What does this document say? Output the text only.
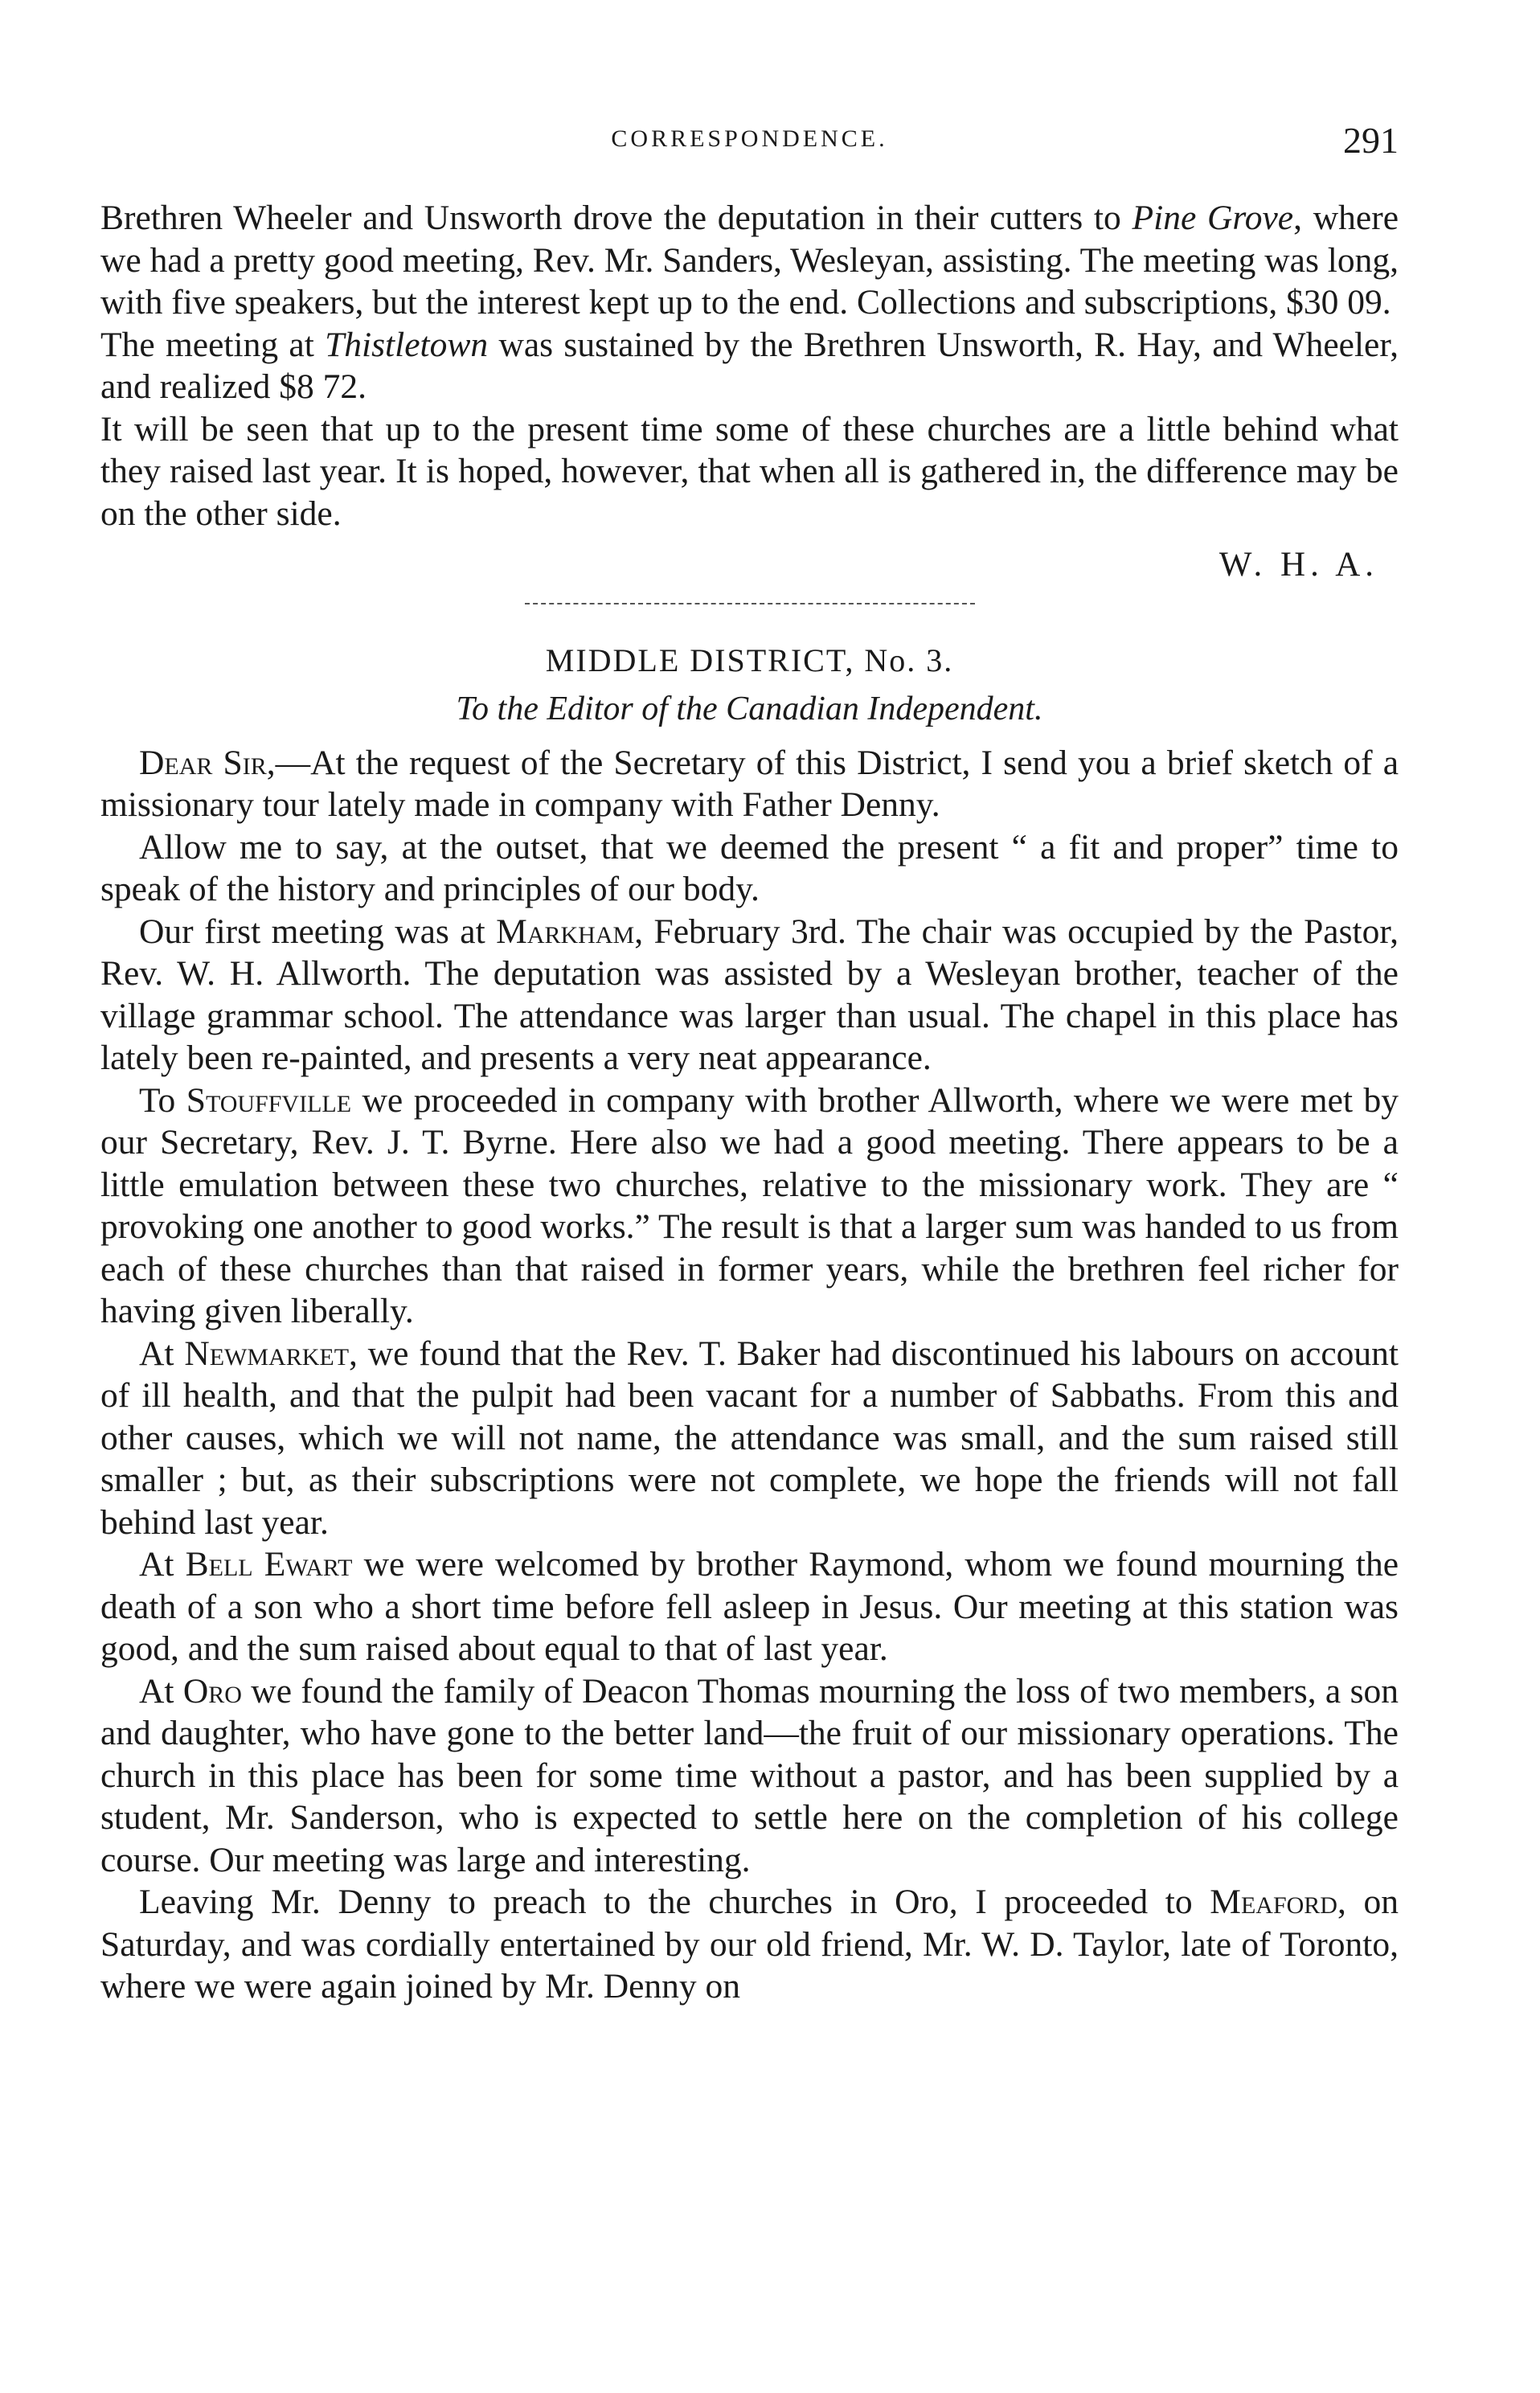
CORRESPONDENCE.	291

Brethren Wheeler and Unsworth drove the deputation in their cutters to Pine Grove, where we had a pretty good meeting, Rev. Mr. Sanders, Wesleyan, assisting. The meeting was long, with five speakers, but the interest kept up to the end. Collections and subscriptions, $30 09.

The meeting at Thistletown was sustained by the Brethren Unsworth, R. Hay, and Wheeler, and realized $8 72.

It will be seen that up to the present time some of these churches are a little behind what they raised last year. It is hoped, however, that when all is gathered in, the difference may be on the other side.

W. H. A.
MIDDLE DISTRICT, No. 3.
To the Editor of the Canadian Independent.

Dear Sir,—At the request of the Secretary of this District, I send you a brief sketch of a missionary tour lately made in company with Father Denny.

Allow me to say, at the outset, that we deemed the present “ a fit and proper” time to speak of the history and principles of our body.

Our first meeting was at Markham, February 3rd. The chair was occupied by the Pastor, Rev. W. H. Allworth. The deputation was assisted by a Wesleyan brother, teacher of the village grammar school. The attendance was larger than usual. The chapel in this place has lately been re-painted, and presents a very neat appearance.

To Stouffville we proceeded in company with brother Allworth, where we were met by our Secretary, Rev. J. T. Byrne. Here also we had a good meeting. There appears to be a little emulation between these two churches, relative to the missionary work. They are “ provoking one another to good works.” The result is that a larger sum was handed to us from each of these churches than that raised in former years, while the brethren feel richer for having given liberally.

At Newmarket, we found that the Rev. T. Baker had discontinued his labours on account of ill health, and that the pulpit had been vacant for a number of Sabbaths. From this and other causes, which we will not name, the attendance was small, and the sum raised still smaller ; but, as their subscriptions were not complete, we hope the friends will not fall behind last year.

At Bell Ewart we were welcomed by brother Raymond, whom we found mourning the death of a son who a short time before fell asleep in Jesus. Our meeting at this station was good, and the sum raised about equal to that of last year.

At Oro we found the family of Deacon Thomas mourning the loss of two members, a son and daughter, who have gone to the better land—the fruit of our missionary operations. The church in this place has been for some time without a pastor, and has been supplied by a student, Mr. Sanderson, who is expected to settle here on the completion of his college course. Our meeting was large and interesting.

Leaving Mr. Denny to preach to the churches in Oro, I proceeded to Meaford, on Saturday, and was cordially entertained by our old friend, Mr. W. D. Taylor, late of Toronto, where we were again joined by Mr. Denny on
